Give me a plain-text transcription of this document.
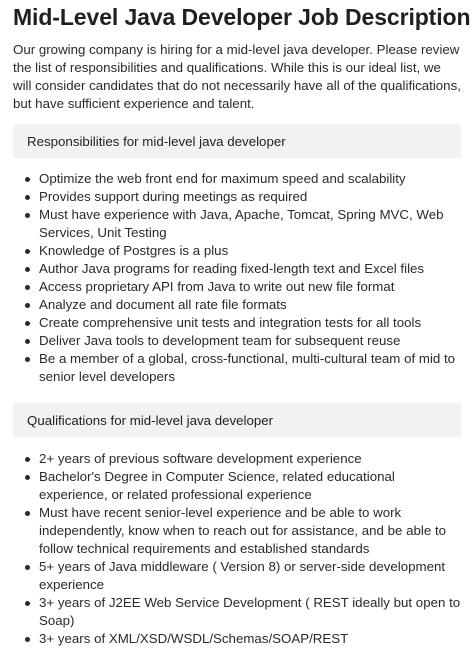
Mid-Level Java Developer Job Description

Our growing company is hiring for a mid-level java developer. Please review the list of responsibilities and qualifications. While this is our ideal list, we will consider candidates that do not necessarily have all of the qualifications, but have sufficient experience and talent.

Responsibilities for mid-level java developer
Optimize the web front end for maximum speed and scalability
Provides support during meetings as required
Must have experience with Java, Apache, Tomcat, Spring MVC, Web Services, Unit Testing
Knowledge of Postgres is a plus
Author Java programs for reading fixed-length text and Excel files
Access proprietary API from Java to write out new file format
Analyze and document all rate file formats
Create comprehensive unit tests and integration tests for all tools
Deliver Java tools to development team for subsequent reuse
Be a member of a global, cross-functional, multi-cultural team of mid to senior level developers
Qualifications for mid-level java developer
2+ years of previous software development experience
Bachelor's Degree in Computer Science, related educational experience, or related professional experience
Must have recent senior-level experience and be able to work independently, know when to reach out for assistance, and be able to follow technical requirements and established standards
5+ years of Java middleware ( Version 8) or server-side development experience
3+ years of J2EE Web Service Development ( REST ideally but open to Soap)
3+ years of XML/XSD/WSDL/Schemas/SOAP/REST
